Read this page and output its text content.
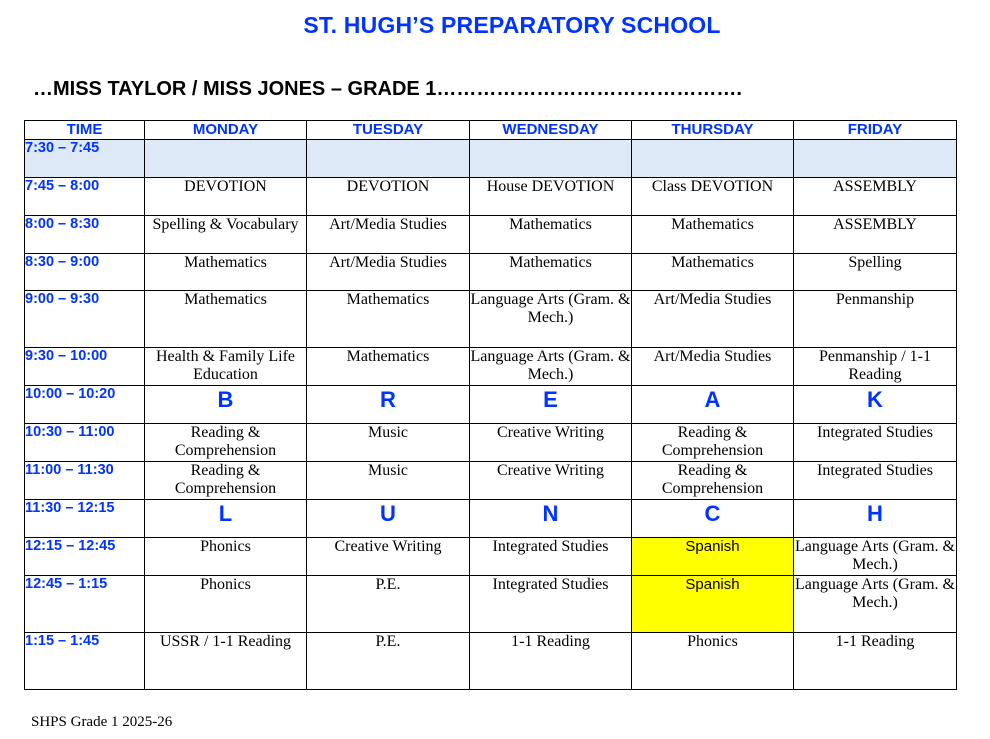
ST. HUGH’S PREPARATORY SCHOOL
…MISS TAYLOR / MISS JONES – GRADE 1……………………………………….
TIME	MONDAY	TUESDAY	WEDNESDAY	THURSDAY	FRIDAY
7:30 – 7:45					
7:45 – 8:00	DEVOTION	DEVOTION	House DEVOTION	Class DEVOTION	ASSEMBLY
8:00 – 8:30	Spelling & Vocabulary	Art/Media Studies	Mathematics	Mathematics	ASSEMBLY
8:30 – 9:00	Mathematics	Art/Media Studies	Mathematics	Mathematics	Spelling
9:00 – 9:30	Mathematics	Mathematics	Language Arts (Gram. & Mech.)	Art/Media Studies	Penmanship
9:30 – 10:00	Health & Family Life Education	Mathematics	Language Arts (Gram. & Mech.)	Art/Media Studies	Penmanship / 1-1 Reading
10:00 – 10:20	B	R	E	A	K
10:30 – 11:00	Reading & Comprehension	Music	Creative Writing	Reading & Comprehension	Integrated Studies
11:00 – 11:30	Reading & Comprehension	Music	Creative Writing	Reading & Comprehension	Integrated Studies
11:30 – 12:15	L	U	N	C	H
12:15 – 12:45	Phonics	Creative Writing	Integrated Studies	Spanish	Language Arts (Gram. & Mech.)
12:45 – 1:15	Phonics	P.E.	Integrated Studies	Spanish	Language Arts (Gram. & Mech.)
1:15 – 1:45	USSR / 1-1 Reading	P.E.	1-1 Reading	Phonics	1-1 Reading
SHPS Grade 1 2025-26
